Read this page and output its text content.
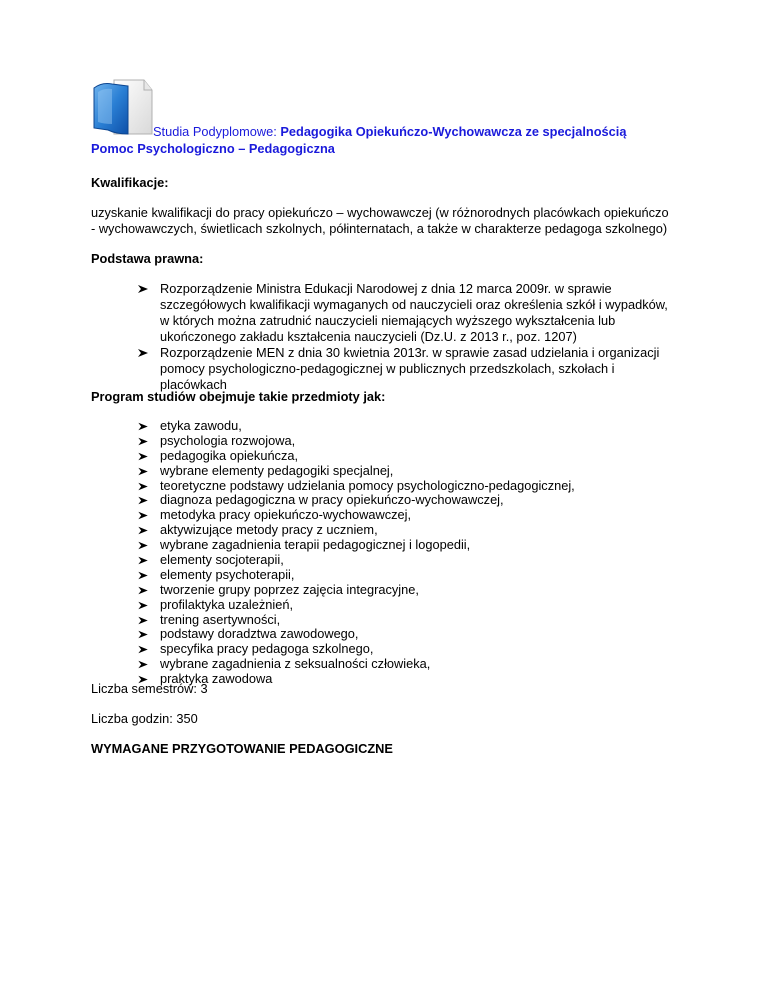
Studia Podyplomowe: Pedagogika Opiekuńczo-Wychowawcza ze specjalnością
Pomoc Psychologiczno – Pedagogiczna
Kwalifikacje:
uzyskanie kwalifikacji do pracy opiekuńczo – wychowawczej (w różnorodnych placówkach opiekuńczo
- wychowawczych, świetlicach szkolnych, półinternatach, a także w charakterze pedagoga szkolnego)
Podstawa prawna:
Rozporządzenie Ministra Edukacji Narodowej z dnia 12 marca 2009r. w sprawie
szczegółowych kwalifikacji wymaganych od nauczycieli oraz określenia szkół i wypadków,
w których można zatrudnić nauczycieli niemających wyższego wykształcenia lub
ukończonego zakładu kształcenia nauczycieli (Dz.U. z 2013 r., poz. 1207)
Rozporządzenie MEN z dnia 30 kwietnia 2013r. w sprawie zasad udzielania i organizacji
pomocy psychologiczno-pedagogicznej w publicznych przedszkolach, szkołach i
placówkach
Program studiów obejmuje takie przedmioty jak:
etyka zawodu,
psychologia rozwojowa,
pedagogika opiekuńcza,
wybrane elementy pedagogiki specjalnej,
teoretyczne podstawy udzielania pomocy psychologiczno-pedagogicznej,
diagnoza pedagogiczna w pracy opiekuńczo-wychowawczej,
metodyka pracy opiekuńczo-wychowawczej,
aktywizujące metody pracy z uczniem,
wybrane zagadnienia terapii pedagogicznej i logopedii,
elementy socjoterapii,
elementy psychoterapii,
tworzenie grupy poprzez zajęcia integracyjne,
profilaktyka uzależnień,
trening asertywności,
podstawy doradztwa zawodowego,
specyfika pracy pedagoga szkolnego,
wybrane zagadnienia z seksualności człowieka,
praktyka zawodowa
Liczba semestrów: 3
Liczba godzin: 350
WYMAGANE PRZYGOTOWANIE PEDAGOGICZNE
